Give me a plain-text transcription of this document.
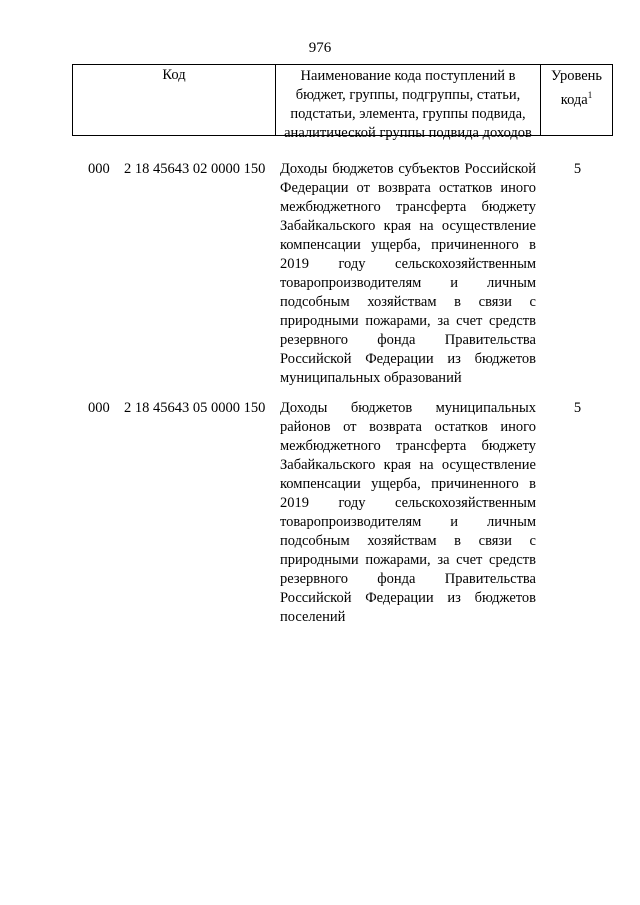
976
Код	Наименование кода поступлений в бюджет, группы, подгруппы, статьи, подстатьи, элемента, группы подвида, аналитической группы подвида доходов
Уровень кода$^1$
000 2 18 45643 02 0000 150 Доходы бюджетов субъектов Российской Федерации от возврата остатков иного межбюджетного трансферта бюджету Забайкальского края на осуществление компенсации ущерба, причиненного в 2019 году сельскохозяйственным товаропроизводителям и личным подсобным хозяйствам в связи с природными пожарами, за счет средств резервного фонда Правительства Российской Федерации из бюджетов муниципальных образований
5
000 2 18 45643 05 0000 150 Доходы бюджетов муниципальных районов от возврата остатков иного межбюджетного трансферта бюджету Забайкальского края на осуществление компенсации ущерба, причиненного в 2019 году сельскохозяйственным товаропроизводителям и личным подсобным хозяйствам в связи с природными пожарами, за счет средств резервного фонда Правительства Российской Федерации из бюджетов поселений
5
